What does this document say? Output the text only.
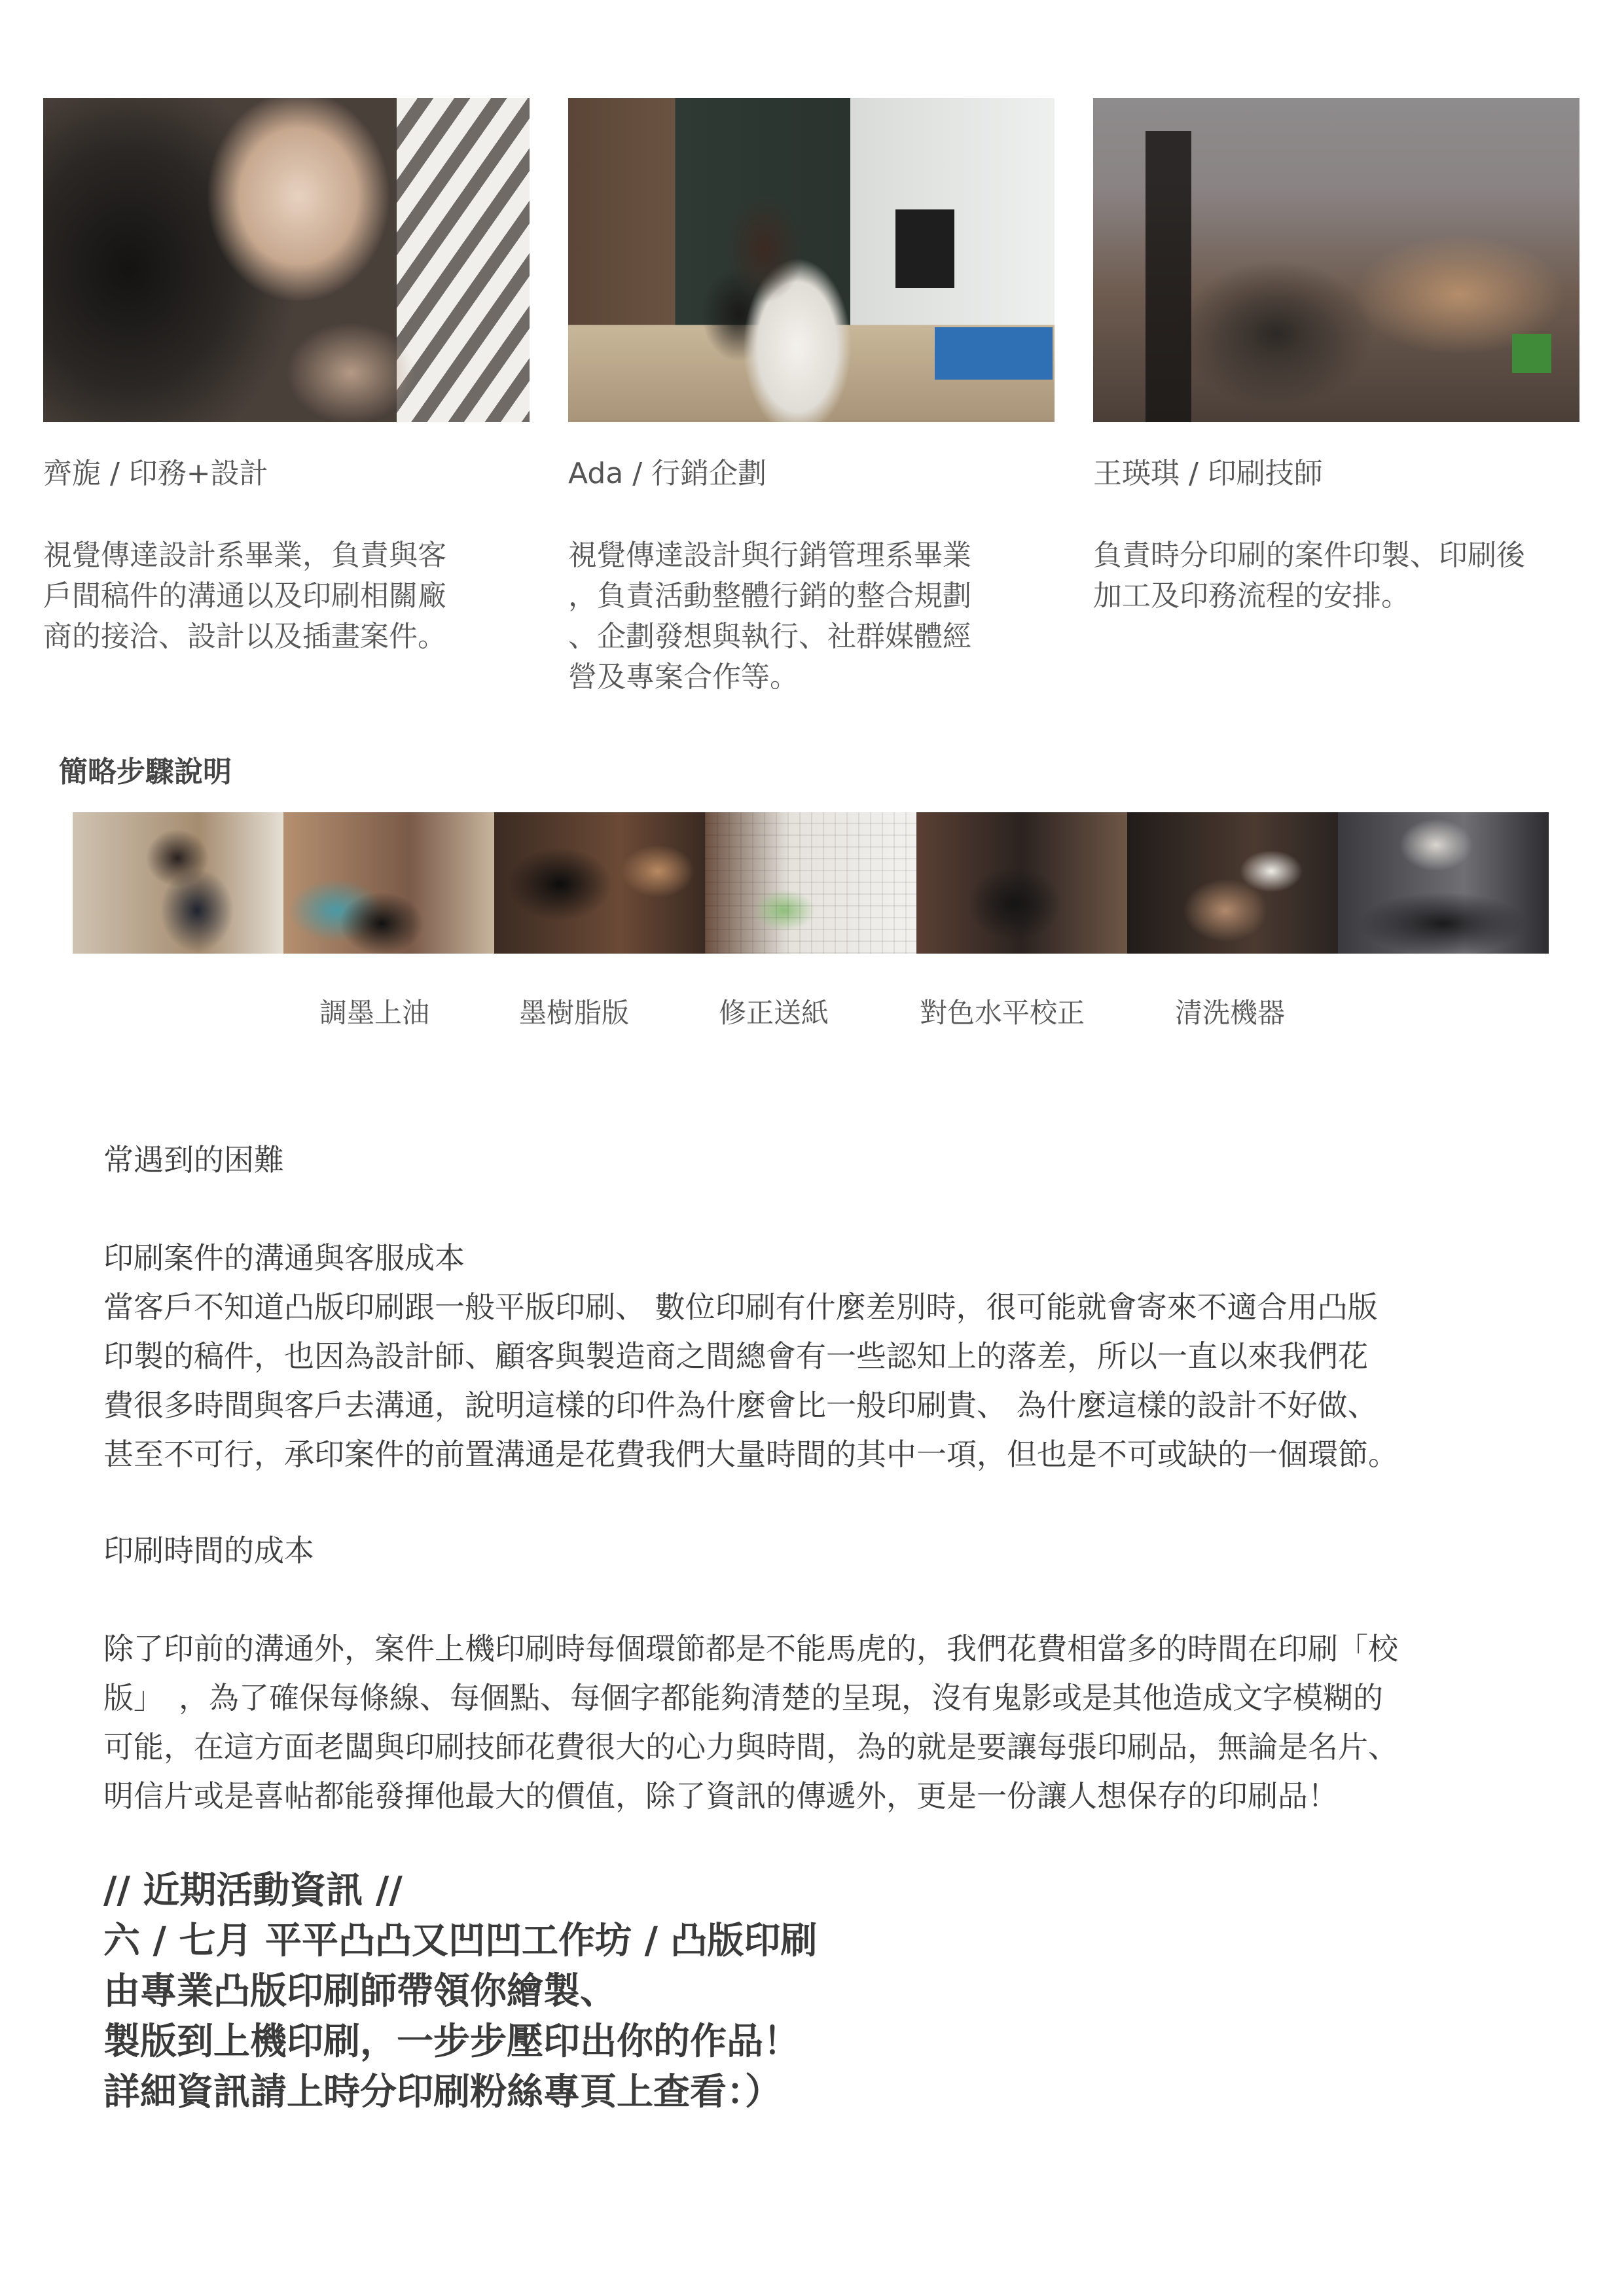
齊旎 / 印務+設計	Ada / 行銷企劃	王瑛琪 / 印刷技師

視覺傳達設計系畢業，負責與客

戶間稿件的溝通以及印刷相關廠

商的接洽、設計以及插畫案件。

視覺傳達設計與行銷管理系畢業

，負責活動整體行銷的整合規劃

、企劃發想與執行、社群媒體經

營及專案合作等。

負責時分印刷的案件印製、印刷後

加工及印務流程的安排。

簡略步驟說明
調墨上油	墨樹脂版	修正送紙	對色水平校正	清洗機器
常遇到的困難

印刷案件的溝通與客服成本

當客戶不知道凸版印刷跟一般平版印刷、 數位印刷有什麼差別時，很可能就會寄來不適合用凸版

印製的稿件，也因為設計師、顧客與製造商之間總會有一些認知上的落差，所以一直以來我們花

費很多時間與客戶去溝通，說明這樣的印件為什麼會比一般印刷貴、 為什麼這樣的設計不好做、

甚至不可行，承印案件的前置溝通是花費我們大量時間的其中一項，但也是不可或缺的一個環節。

印刷時間的成本

除了印前的溝通外，案件上機印刷時每個環節都是不能馬虎的，我們花費相當多的時間在印刷「校

版」　，為了確保每條線、每個點、每個字都能夠清楚的呈現，沒有鬼影或是其他造成文字模糊的

可能，在這方面老闆與印刷技師花費很大的心力與時間，為的就是要讓每張印刷品，無論是名片、

明信片或是喜帖都能發揮他最大的價值，除了資訊的傳遞外，更是一份讓人想保存的印刷品！

// 近期活動資訊 //

六 / 七月 平平凸凸又凹凹工作坊 / 凸版印刷

由專業凸版印刷師帶領你繪製、

製版到上機印刷，一步步壓印出你的作品！

詳細資訊請上時分印刷粉絲專頁上查看：）
